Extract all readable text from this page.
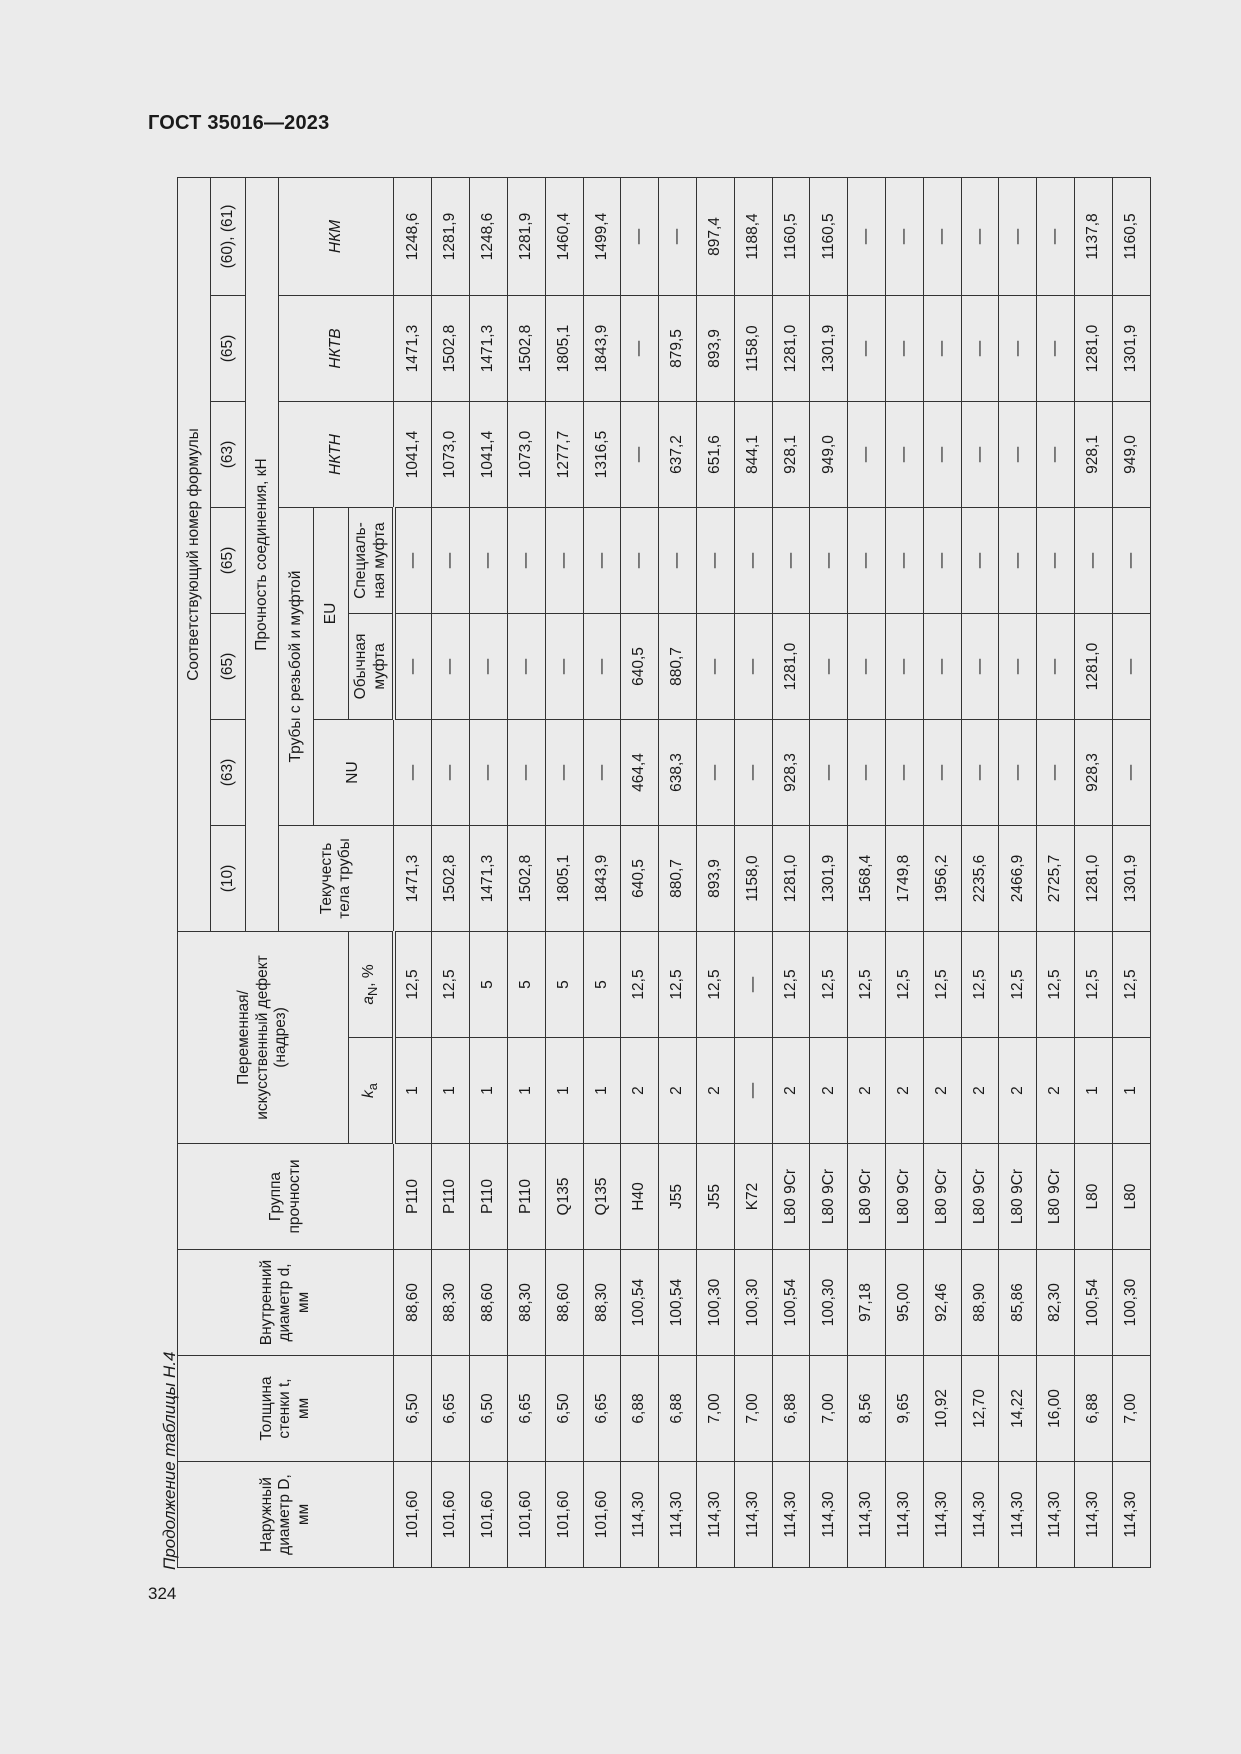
ГОСТ 35016—2023
Продолжение таблицы Н.4	Наружный диаметр D, мм	Толщина стенки t, мм	Внутренний диаметр d, мм	Группа прочности	Переменная/ искусственный дефект (надрез)		Соответствующий номер формулы						
						(10)	(63)	(65)	(65)	(63)	(65)	(60), (61)
						Прочность соединения, кН						
						Текучесть тела трубы	Трубы с резьбой и муфтой			НКТН	НКТВ	НКМ
							NU	EU				
				$k_a$	$a_N$, %			Обычная муфта	Специаль- ная муфта			
101,60	6,50	88,60	P110	1	12,5	1471,3	—	—	—	1041,4	1471,3	1248,6
101,60	6,65	88,30	P110	1	12,5	1502,8	—	—	—	1073,0	1502,8	1281,9
101,60	6,50	88,60	P110	1	5	1471,3	—	—	—	1041,4	1471,3	1248,6
101,60	6,65	88,30	P110	1	5	1502,8	—	—	—	1073,0	1502,8	1281,9
101,60	6,50	88,60	Q135	1	5	1805,1	—	—	—	1277,7	1805,1	1460,4
101,60	6,65	88,30	Q135	1	5	1843,9	—	—	—	1316,5	1843,9	1499,4
114,30	6,88	100,54	H40	2	12,5	640,5	464,4	640,5	—	—	—	—
114,30	6,88	100,54	J55	2	12,5	880,7	638,3	880,7	—	637,2	879,5	—
114,30	7,00	100,30	J55	2	12,5	893,9	—	—	—	651,6	893,9	897,4
114,30	7,00	100,30	K72	—	—	1158,0	—	—	—	844,1	1158,0	1188,4
114,30	6,88	100,54	L80 9Cr	2	12,5	1281,0	928,3	1281,0	—	928,1	1281,0	1160,5
114,30	7,00	100,30	L80 9Cr	2	12,5	1301,9	—	—	—	949,0	1301,9	1160,5
114,30	8,56	97,18	L80 9Cr	2	12,5	1568,4	—	—	—	—	—	—
114,30	9,65	95,00	L80 9Cr	2	12,5	1749,8	—	—	—	—	—	—
114,30	10,92	92,46	L80 9Cr	2	12,5	1956,2	—	—	—	—	—	—
114,30	12,70	88,90	L80 9Cr	2	12,5	2235,6	—	—	—	—	—	—
114,30	14,22	85,86	L80 9Cr	2	12,5	2466,9	—	—	—	—	—	—
114,30	16,00	82,30	L80 9Cr	2	12,5	2725,7	—	—	—	—	—	—
114,30	6,88	100,54	L80	1	12,5	1281,0	928,3	1281,0	—	928,1	1281,0	1137,8
114,30	7,00	100,30	L80	1	12,5	1301,9	—	—	—	949,0	1301,9	1160,5
324
